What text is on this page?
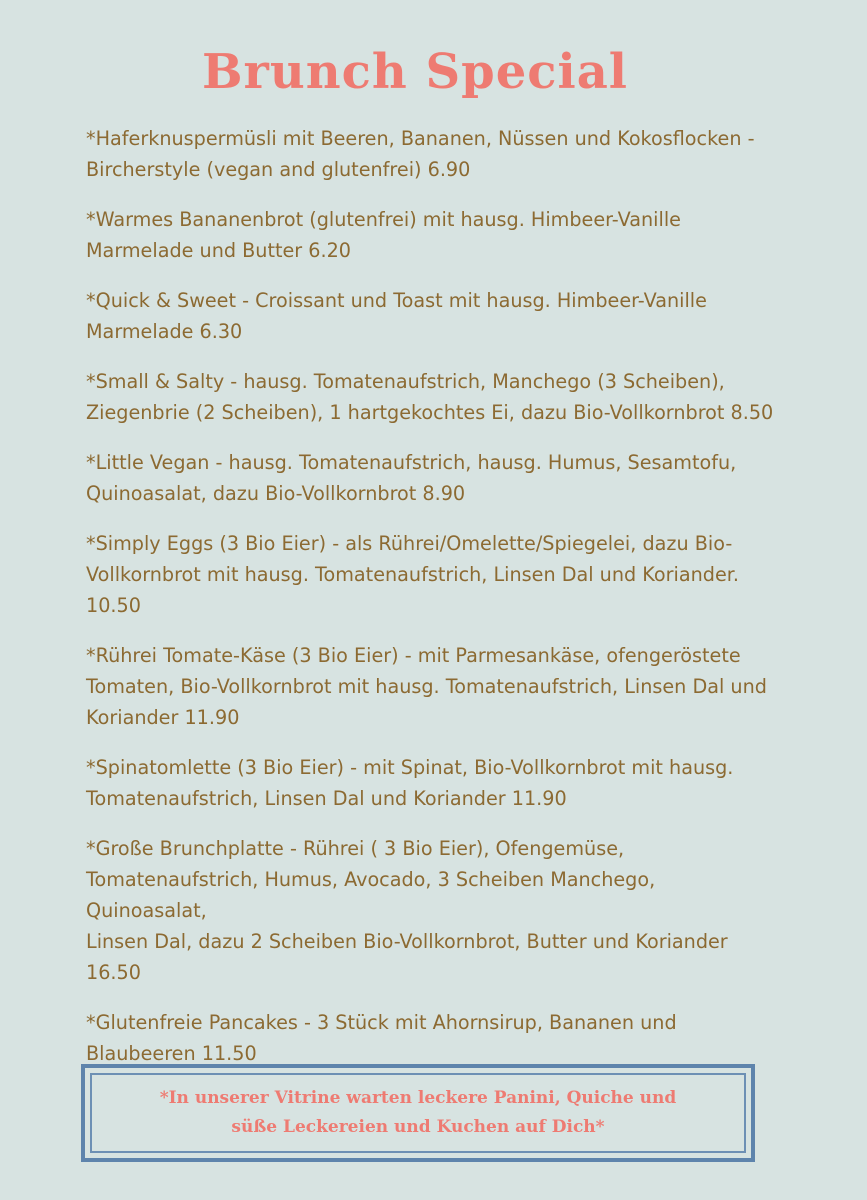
Brunch Special
*Haferknuspermüsli mit Beeren, Bananen, Nüssen und Kokosflocken -
Bircherstyle (vegan and glutenfrei) 6.90
*Warmes Bananenbrot (glutenfrei) mit hausg. Himbeer-Vanille
Marmelade und Butter 6.20
*Quick & Sweet - Croissant und Toast mit hausg. Himbeer-Vanille
Marmelade 6.30
*Small & Salty - hausg. Tomatenaufstrich, Manchego (3 Scheiben),
Ziegenbrie (2 Scheiben), 1 hartgekochtes Ei, dazu Bio-Vollkornbrot 8.50
*Little Vegan - hausg. Tomatenaufstrich, hausg. Humus, Sesamtofu,
Quinoasalat, dazu Bio-Vollkornbrot 8.90
*Simply Eggs (3 Bio Eier) - als Rührei/Omelette/Spiegelei, dazu Bio-
Vollkornbrot mit hausg. Tomatenaufstrich, Linsen Dal und Koriander.
10.50
*Rührei Tomate-Käse (3 Bio Eier) - mit Parmesankäse, ofengeröstete
Tomaten, Bio-Vollkornbrot mit hausg. Tomatenaufstrich, Linsen Dal und
Koriander 11.90
*Spinatomlette (3 Bio Eier) - mit Spinat, Bio-Vollkornbrot mit hausg.
Tomatenaufstrich, Linsen Dal und Koriander 11.90
*Große Brunchplatte - Rührei ( 3 Bio Eier), Ofengemüse,
Tomatenaufstrich, Humus, Avocado, 3 Scheiben Manchego, Quinoasalat,
Linsen Dal, dazu 2 Scheiben Bio-Vollkornbrot, Butter und Koriander
16.50
*Glutenfreie Pancakes - 3 Stück mit Ahornsirup, Bananen und
Blaubeeren 11.50
*In unserer Vitrine warten leckere Panini, Quiche und
süße Leckereien und Kuchen auf Dich*
